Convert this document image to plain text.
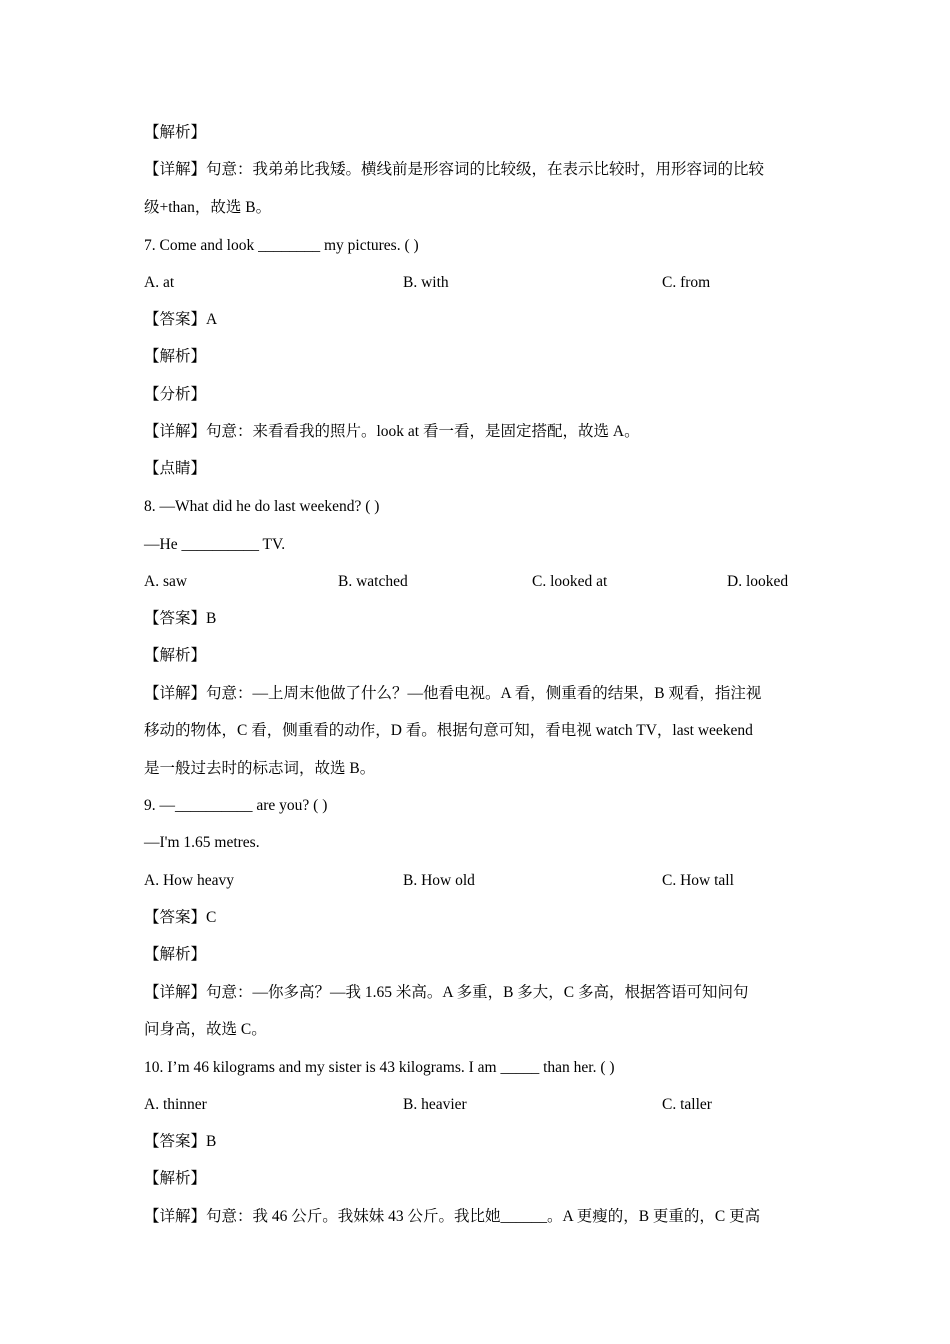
【解析】
【详解】句意：我弟弟比我矮。横线前是形容词的比较级，在表示比较时，用形容词的比较
级+than，故选 B。
7. Come and look ________ my pictures. ( )
A. at	B. with	C. from
【答案】A
【解析】
【分析】
【详解】句意：来看看我的照片。look at 看一看，是固定搭配，故选 A。
【点睛】
8. —What did he do last weekend? ( )
—He __________ TV.
A. saw	B. watched	C. looked at	D. looked
【答案】B
【解析】
【详解】句意：—上周末他做了什么？—他看电视。A 看，侧重看的结果，B 观看，指注视
移动的物体，C 看，侧重看的动作，D 看。根据句意可知，看电视 watch TV，last weekend
是一般过去时的标志词，故选 B。
9. —__________ are you? ( )
—I'm 1.65 metres.
A. How heavy	B. How old	C. How tall
【答案】C
【解析】
【详解】句意：—你多高？—我 1.65 米高。A 多重，B 多大，C 多高，根据答语可知问句
问身高，故选 C。
10. I’m 46 kilograms and my sister is 43 kilograms. I am _____ than her. ( )
A. thinner	B. heavier	C. taller
【答案】B
【解析】
【详解】句意：我 46 公斤。我妹妹 43 公斤。我比她______。A 更瘦的，B 更重的，C 更高
